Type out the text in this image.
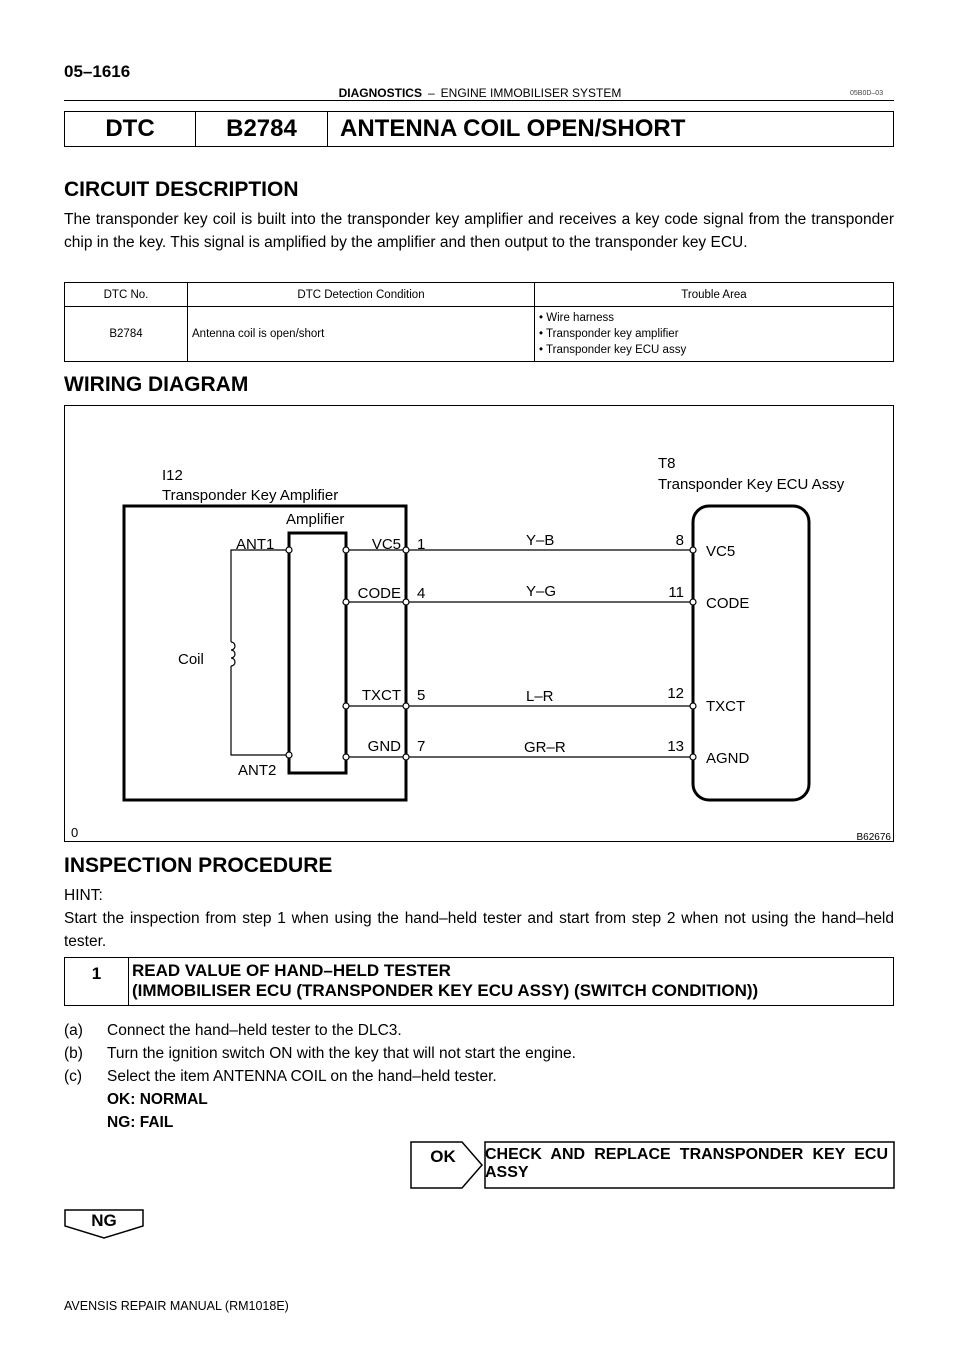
05–1616
DIAGNOSTICS – ENGINE IMMOBILISER SYSTEM	05B0D–03
DTC	B2784	ANTENNA COIL OPEN/SHORT
CIRCUIT DESCRIPTION
The transponder key coil is built into the transponder key amplifier and receives a key code signal from the transponder chip in the key. This signal is amplified by the amplifier and then output to the transponder key ECU.
DTC No.	DTC Detection Condition	Trouble Area
B2784	Antenna coil is open/short	• Wire harness
• Transponder key amplifier
• Transponder key ECU assy
WIRING DIAGRAM
I12
Transponder Key Amplifier
Amplifier
T8
Transponder Key ECU Assy
Coil
ANT1
ANT2
VC5
CODE
TXCT
GND
1
4
5
7
Y–B
Y–G
L–R
GR–R
8
11
12
13
VC5
CODE
TXCT
AGND
0	B62676
INSPECTION PROCEDURE
HINT:
Start the inspection from step 1 when using the hand–held tester and start from step 2 when not using the hand–held tester.
1	READ VALUE OF HAND–HELD TESTER
(IMMOBILISER ECU (TRANSPONDER KEY ECU ASSY) (SWITCH CONDITION))
(a)	Connect the hand–held tester to the DLC3.
(b)	Turn the ignition switch ON with the key that will not start the engine.
(c)	Select the item ANTENNA COIL on the hand–held tester.
OK: NORMAL
NG: FAIL
OK	CHECK AND REPLACE TRANSPONDER KEY ECU ASSY
NG
AVENSIS REPAIR MANUAL (RM1018E)
